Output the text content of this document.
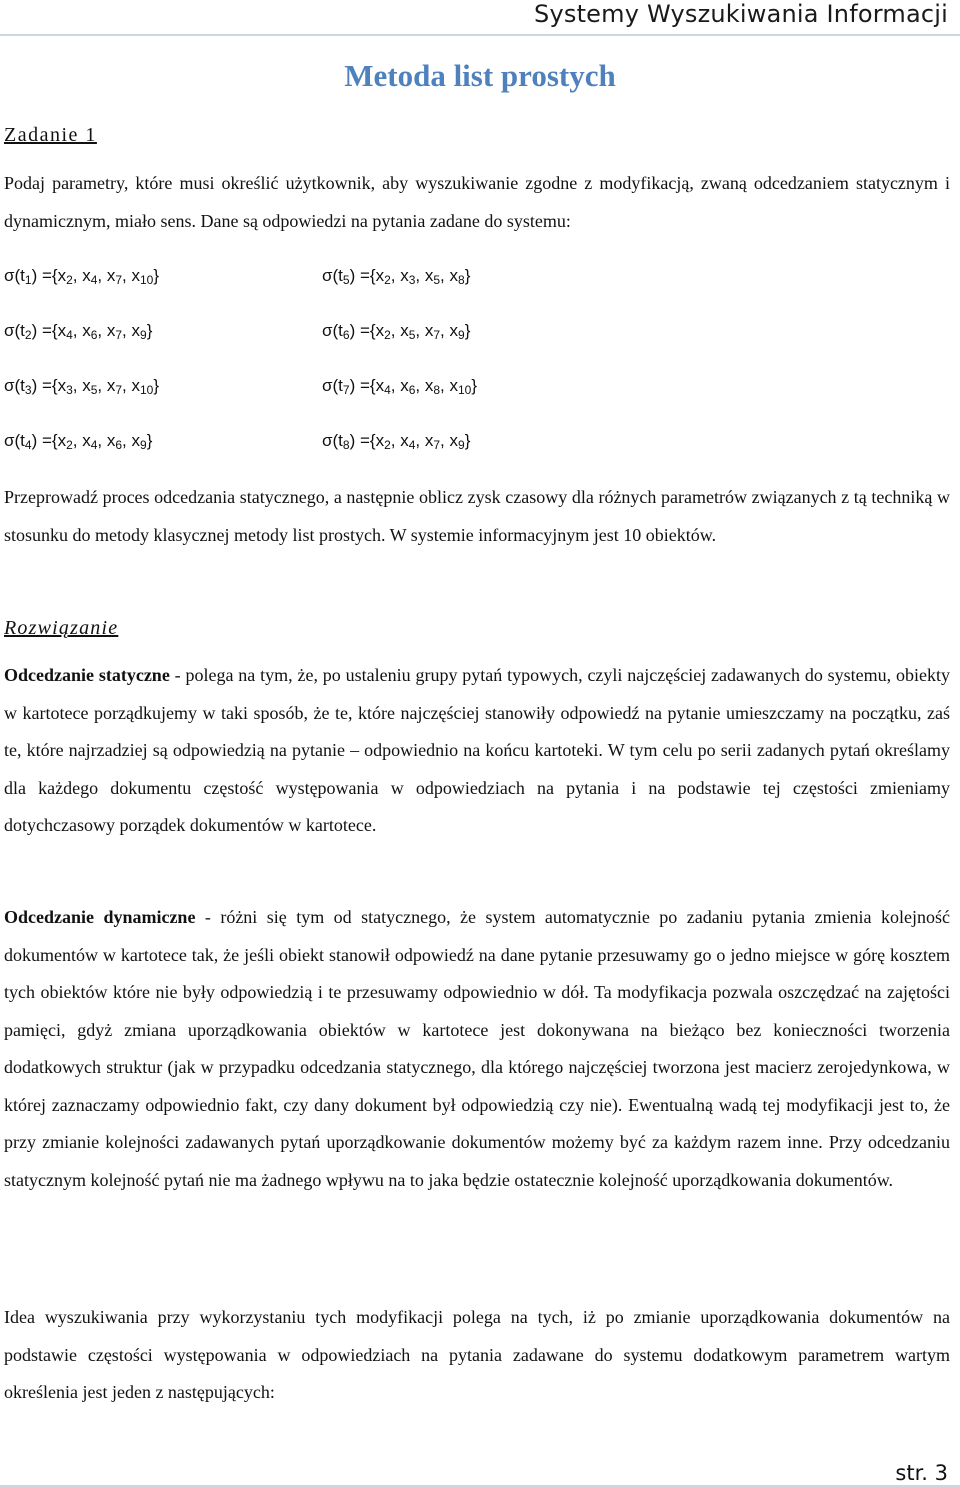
Systemy Wyszukiwania Informacji
Metoda list prostych
Zadanie 1

Podaj parametry, które musi określić użytkownik, aby wyszukiwanie zgodne z modyfikacją, zwaną odcedzaniem statycznym i dynamicznym, miało sens. Dane są odpowiedzi na pytania zadane do systemu:

$\sigma(t_1) =\{x_2$, $x_4$, $x_7$, $x_{10}$}
$\sigma(t_2) =\{x_4$, $x_6$, $x_7$, $x_9$}
$\sigma(t_3) =\{x_3$, $x_5$, $x_7$, $x_{10}$}
$\sigma(t_4) =\{x_2$, $x_4$, $x_6$, $x_9$}
$\sigma(t_5) =\{x_2$, $x_3$, $x_5$, $x_8$}
$\sigma(t_6) =\{x_2$, $x_5$, $x_7$, $x_9$}
$\sigma(t_7) =\{x_4$, $x_6$, $x_8$, $x_{10}$}
$\sigma(t_8) =\{x_2$, $x_4$, $x_7$, $x_9$}

Przeprowadź proces odcedzania statycznego, a następnie oblicz zysk czasowy dla różnych parametrów związanych z tą techniką w stosunku do metody klasycznej metody list prostych. W systemie informacyjnym jest 10 obiektów.

Rozwiązanie

Odcedzanie statyczne - polega na tym, że, po ustaleniu grupy pytań typowych, czyli najczęściej zadawanych do systemu, obiekty w kartotece porządkujemy w taki sposób, że te, które najczęściej stanowiły odpowiedź na pytanie umieszczamy na początku, zaś te, które najrzadziej są odpowiedzią na pytanie – odpowiednio na końcu kartoteki. W tym celu po serii zadanych pytań określamy dla każdego dokumentu częstość występowania w odpowiedziach na pytania i na podstawie tej częstości zmieniamy dotychczasowy porządek dokumentów w kartotece.

Odcedzanie dynamiczne - różni się tym od statycznego, że system automatycznie po zadaniu pytania zmienia kolejność dokumentów w kartotece tak, że jeśli obiekt stanowił odpowiedź na dane pytanie przesuwamy go o jedno miejsce w górę kosztem tych obiektów które nie były odpowiedzią i te przesuwamy odpowiednio w dół. Ta modyfikacja pozwala oszczędzać na zajętości pamięci, gdyż zmiana uporządkowania obiektów w kartotece jest dokonywana na bieżąco bez konieczności tworzenia dodatkowych struktur (jak w przypadku odcedzania statycznego, dla którego najczęściej tworzona jest macierz zerojedynkowa, w której zaznaczamy odpowiednio fakt, czy dany dokument był odpowiedzią czy nie). Ewentualną wadą tej modyfikacji jest to, że przy zmianie kolejności zadawanych pytań uporządkowanie dokumentów możemy być za każdym razem inne. Przy odcedzaniu statycznym kolejność pytań nie ma żadnego wpływu na to jaka będzie ostatecznie kolejność uporządkowania dokumentów.

Idea wyszukiwania przy wykorzystaniu tych modyfikacji polega na tych, iż po zmianie uporządkowania dokumentów na podstawie częstości występowania w odpowiedziach na pytania zadawane do systemu dodatkowym parametrem wartym określenia jest jeden z następujących:

str. 3
